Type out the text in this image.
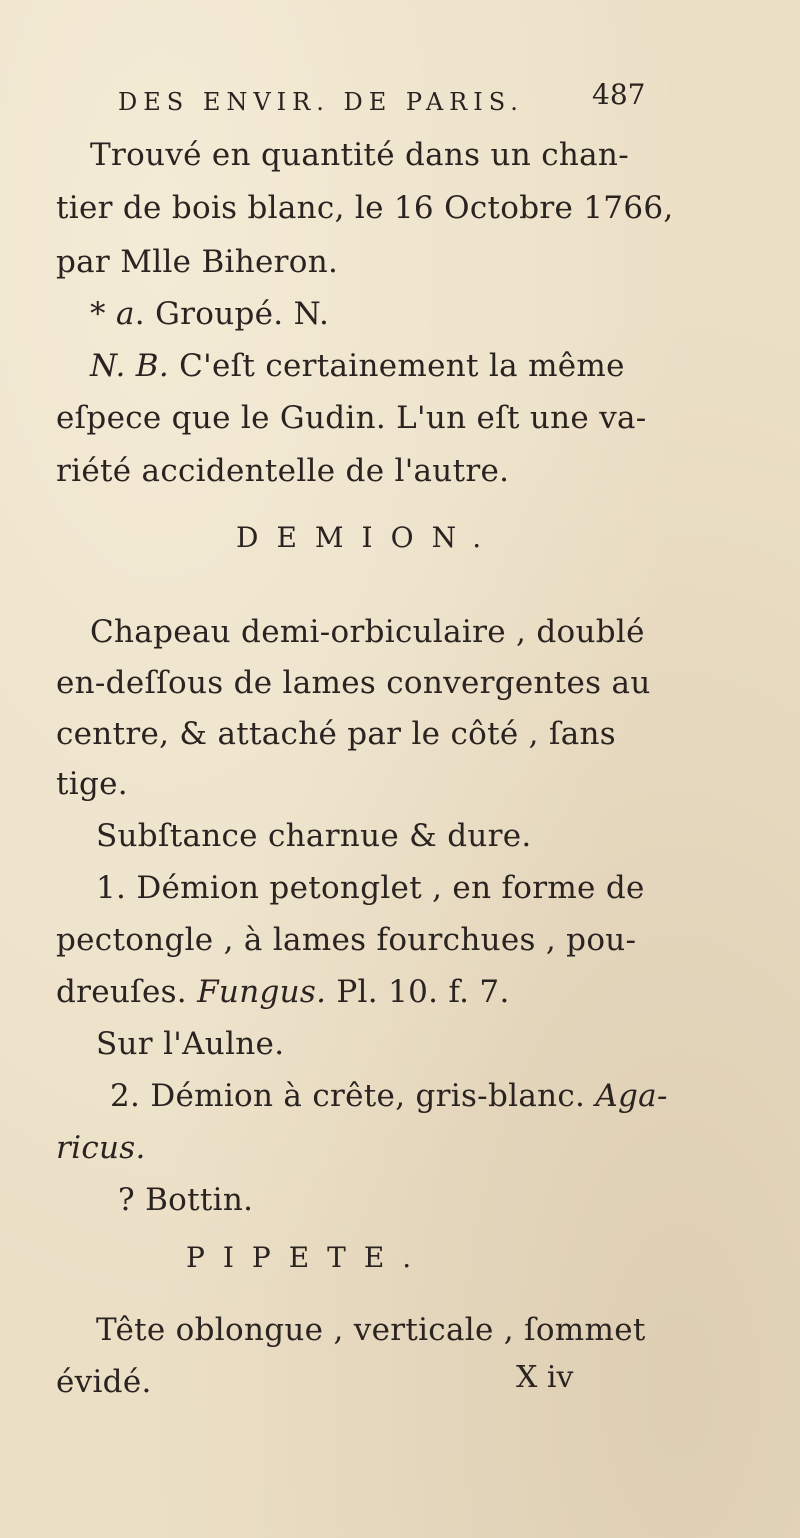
DES ENVIR. DE PARIS. 487
Trouvé en quantité dans un chan-
tier de bois blanc, le 16 Octobre 1766,
par Mlle Biheron.
* a. Groupé. N.
N. B. C'eſt certainement la même
eſpece que le Gudin. L'un eſt une va-
riété accidentelle de l'autre.
DEMION.
Chapeau demi-orbiculaire , doublé
en-deſſous de lames convergentes au
centre, & attaché par le côté , ſans
tige.
Subſtance charnue & dure.
1. Démion petonglet , en forme de
pectongle , à lames fourchues , pou-
dreuſes. Fungus. Pl. 10. f. 7.
Sur l'Aulne.
2. Démion à crête, gris-blanc. Aga-
ricus.
? Bottin.
PIPETE.
Tête oblongue , verticale , ſommet
évidé.	X iv
